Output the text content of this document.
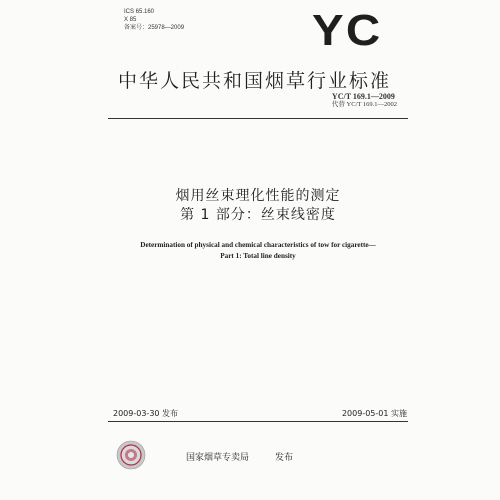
ICS 65.160
X 85
备案号：25978—2009	YC
中华人民共和国烟草行业标准
YC/T 169.1—2009
代替 YC/T 169.1—2002
烟用丝束理化性能的测定
第 1 部分：丝束线密度
Determination of physical and chemical characteristics of tow for cigarette—
Part 1: Total line density
2009-03-30 发布	2009-05-01 实施
国家烟草专卖局	发布
